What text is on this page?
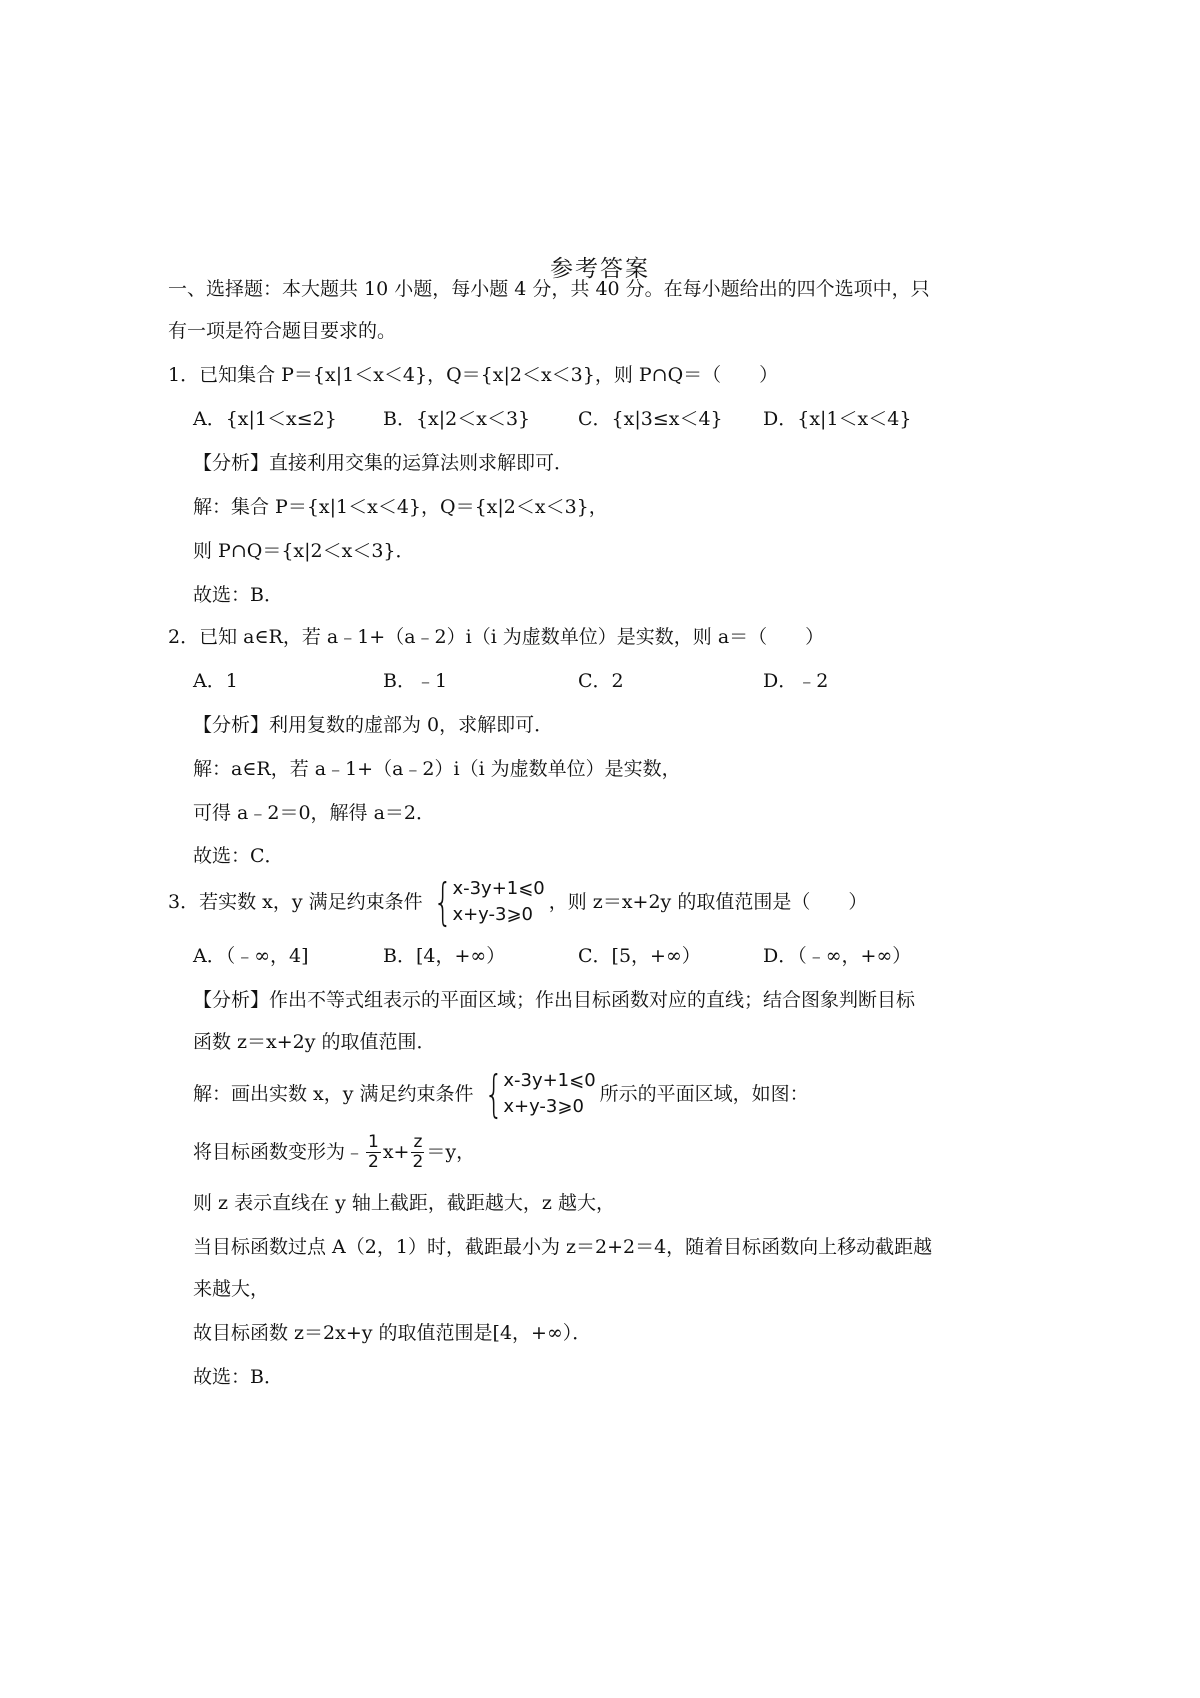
参考答案
一、选择题：本大题共 10 小题，每小题 4 分，共 40 分。在每小题给出的四个选项中，只
有一项是符合题目要求的。
1．已知集合 P＝{x|1＜x＜4}，Q＝{x|2＜x＜3}，则 P∩Q＝（　　）
A．{x|1＜x≤2} B．{x|2＜x＜3}	C．{x|3≤x＜4} D．{x|1＜x＜4}
【分析】直接利用交集的运算法则求解即可．
解：集合 P＝{x|1＜x＜4}，Q＝{x|2＜x＜3}，
则 P∩Q＝{x|2＜x＜3}．
故选：B．
2．已知 a∈R，若 a﹣1+（a﹣2）i（i 为虚数单位）是实数，则 a＝（　　）
A．1	B．﹣1	C．2	D．﹣2
【分析】利用复数的虚部为 0，求解即可．
解：a∈R，若 a﹣1+（a﹣2）i（i 为虚数单位）是实数，
可得 a﹣2＝0，解得 a＝2．
故选：C．
3．若实数 x，y 满足约束条件 { x-3y+1⩽0
x+y-3⩾0
，则 z＝x+2y 的取值范围是（　　）
A．（﹣∞，4]	B．[4，+∞）	C．[5，+∞）	D．（﹣∞，+∞）
【分析】作出不等式组表示的平面区域；作出目标函数对应的直线；结合图象判断目标
函数 z＝x+2y 的取值范围．
解：画出实数 x，y 满足约束条件 { x-3y+1⩽0
x+y-3⩾0
所示的平面区域，如图：
将目标函数变形为﹣ $\frac{1}{2} x+ \frac{z}{2} =y$，
则 z 表示直线在 y 轴上截距，截距越大，z 越大，
当目标函数过点 A（2，1）时，截距最小为 z＝2+2＝4，随着目标函数向上移动截距越
来越大，
故目标函数 z＝2x+y 的取值范围是[4，+∞）．
故选：B．
